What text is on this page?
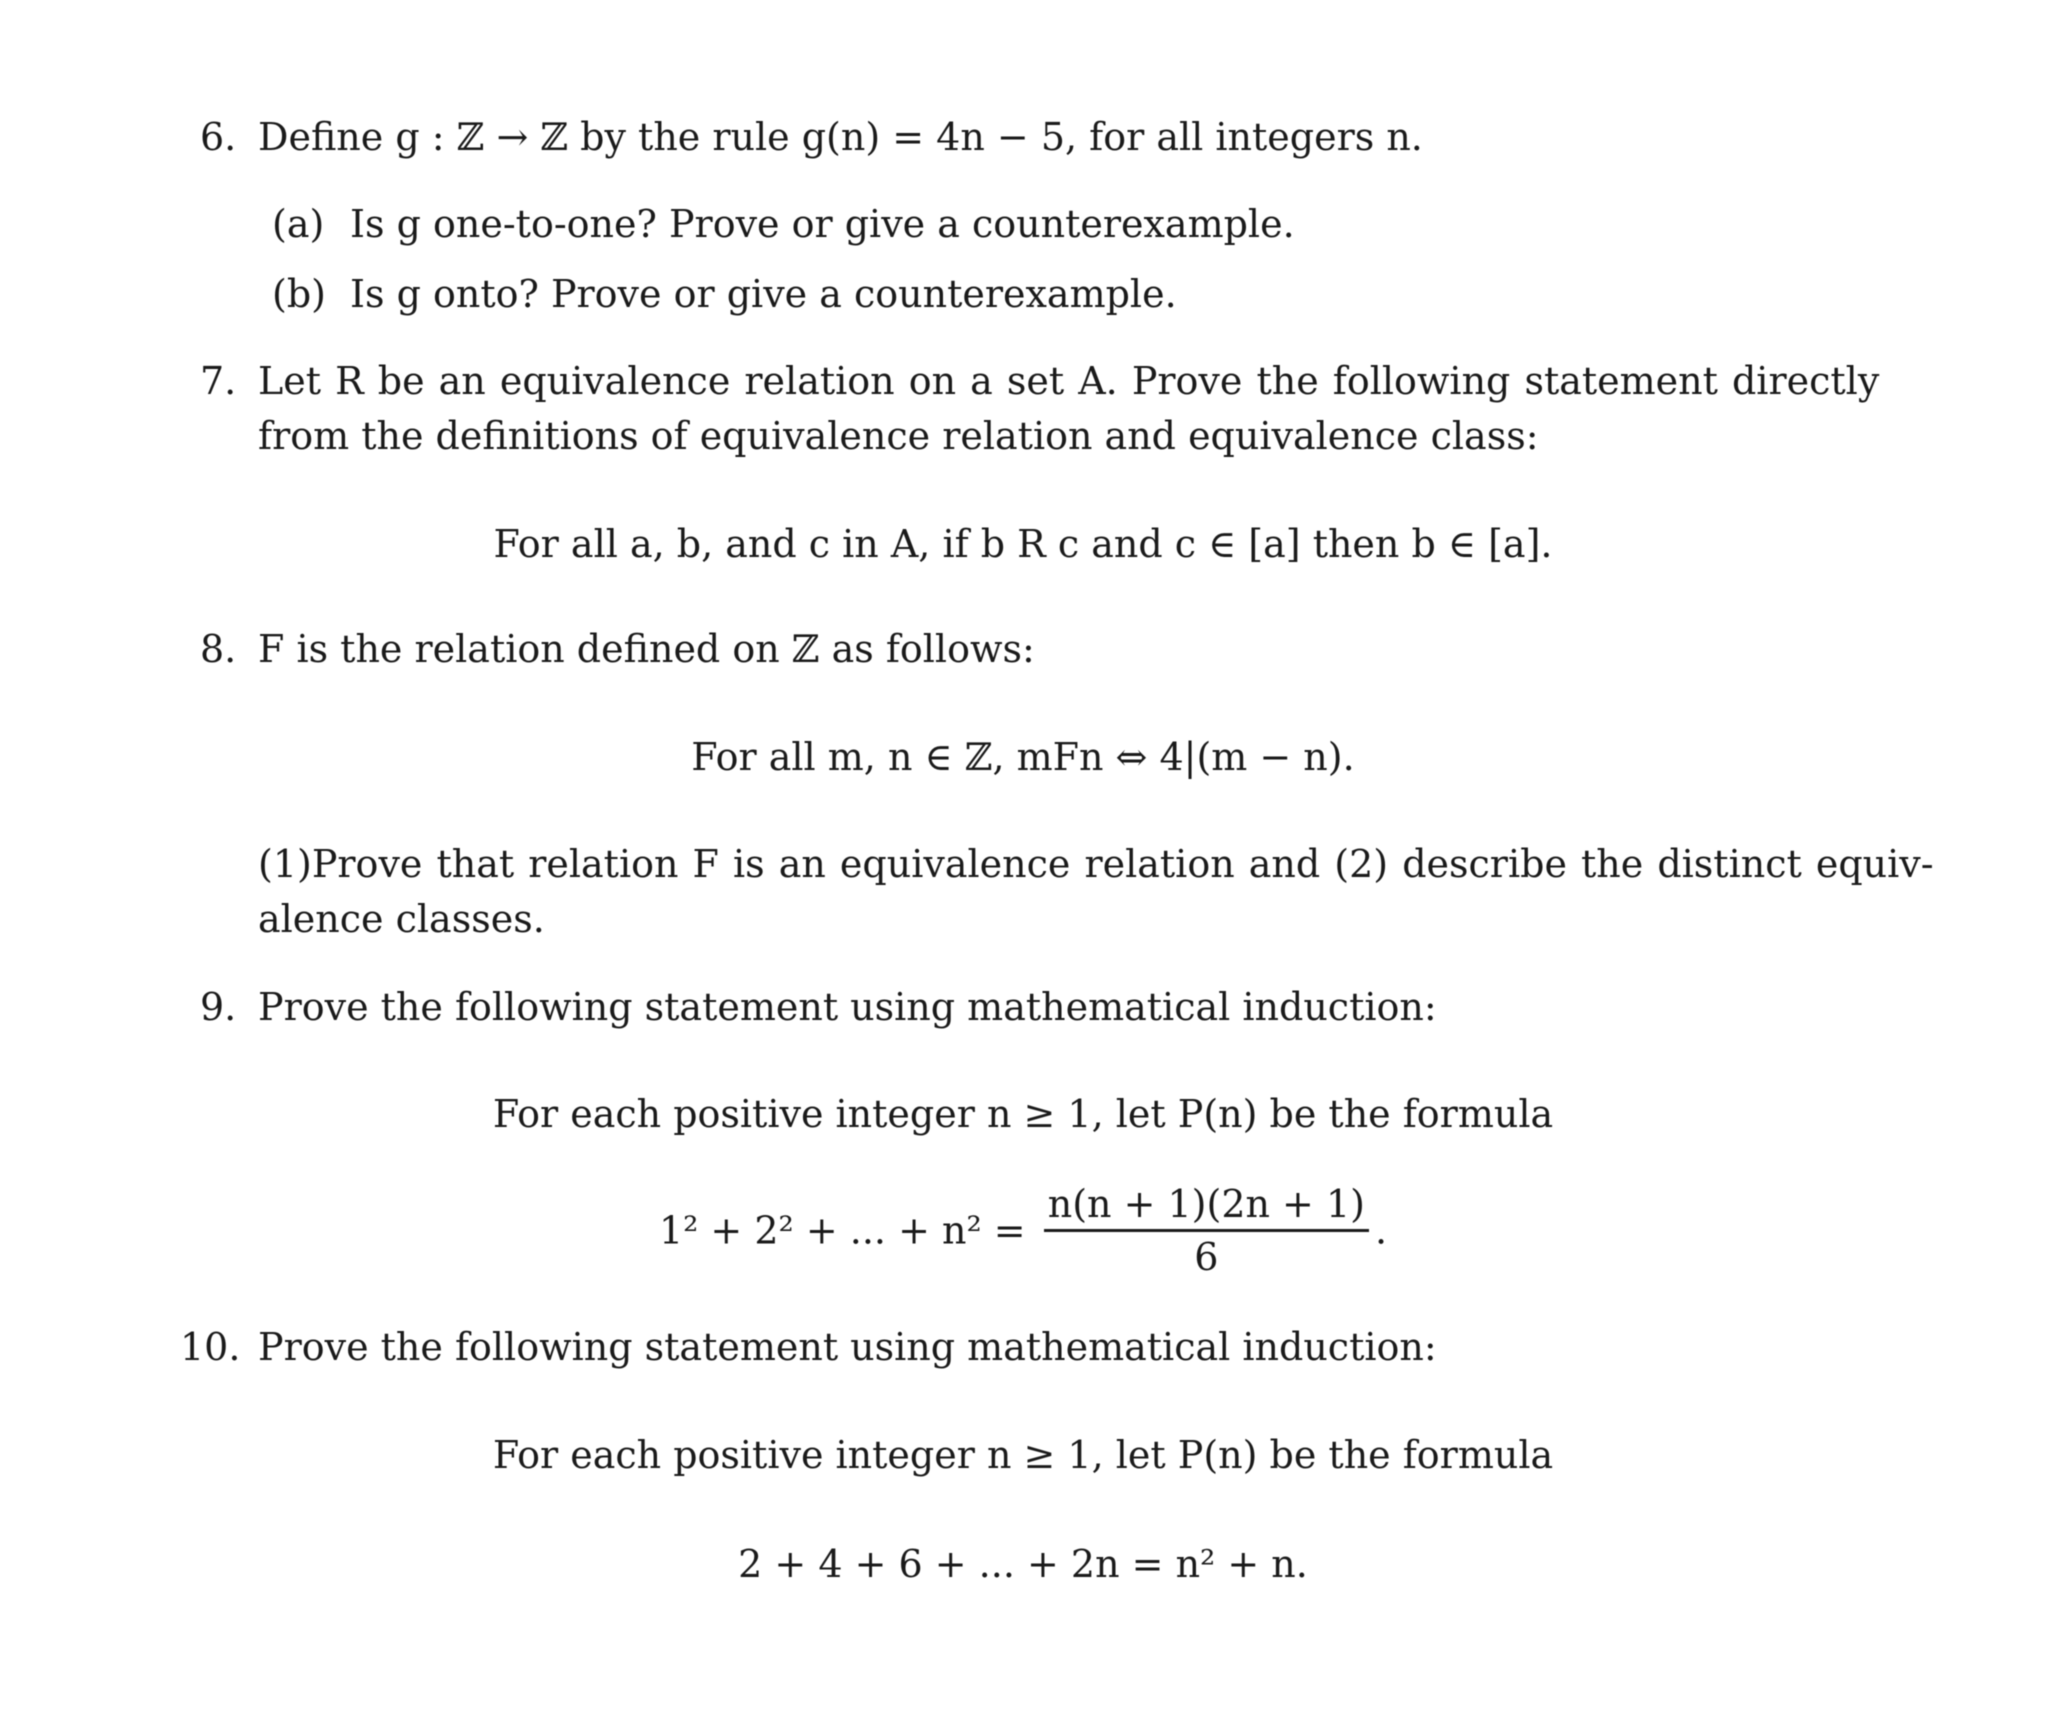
6. Define g : ℤ → ℤ by the rule g(n) = 4n − 5, for all integers n.
(a) Is g one-to-one? Prove or give a counterexample.
(b) Is g onto? Prove or give a counterexample.
7. Let R be an equivalence relation on a set A. Prove the following statement directly
from the definitions of equivalence relation and equivalence class:
For all a, b, and c in A, if b R c and c ∈ [a] then b ∈ [a].
8. F is the relation defined on ℤ as follows:
For all m, n ∈ ℤ, mFn ⇔ 4|(m − n).
(1)Prove that relation F is an equivalence relation and (2) describe the distinct equiv-
alence classes.
9. Prove the following statement using mathematical induction:
For each positive integer n ≥ 1, let P(n) be the formula
1² + 2² + ... + $n^2 = \frac{n(n + 1)(2n + 1)}{6}$ .
10. Prove the following statement using mathematical induction:
For each positive integer n ≥ 1, let P(n) be the formula
2 + 4 + 6 + ... + 2n = n² + n.
